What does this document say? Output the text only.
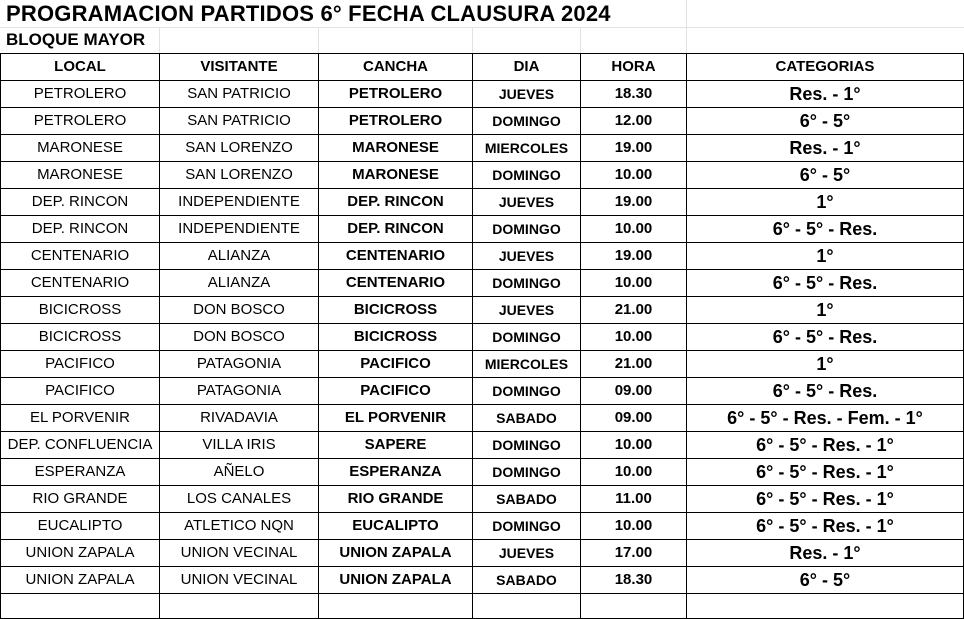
PROGRAMACION PARTIDOS 6° FECHA CLAUSURA 2024
BLOQUE MAYOR
LOCAL	VISITANTE	CANCHA	DIA	HORA	CATEGORIAS
PETROLERO	SAN PATRICIO	PETROLERO	JUEVES	18.30	Res. - 1°
PETROLERO	SAN PATRICIO	PETROLERO	DOMINGO	12.00	6° - 5°
MARONESE	SAN LORENZO	MARONESE	MIERCOLES	19.00	Res. - 1°
MARONESE	SAN LORENZO	MARONESE	DOMINGO	10.00	6° - 5°
DEP. RINCON	INDEPENDIENTE	DEP. RINCON	JUEVES	19.00	1°
DEP. RINCON	INDEPENDIENTE	DEP. RINCON	DOMINGO	10.00	6° - 5° - Res.
CENTENARIO	ALIANZA	CENTENARIO	JUEVES	19.00	1°
CENTENARIO	ALIANZA	CENTENARIO	DOMINGO	10.00	6° - 5° - Res.
BICICROSS	DON BOSCO	BICICROSS	JUEVES	21.00	1°
BICICROSS	DON BOSCO	BICICROSS	DOMINGO	10.00	6° - 5° - Res.
PACIFICO	PATAGONIA	PACIFICO	MIERCOLES	21.00	1°
PACIFICO	PATAGONIA	PACIFICO	DOMINGO	09.00	6° - 5° - Res.
EL PORVENIR	RIVADAVIA	EL PORVENIR	SABADO	09.00	6° - 5° - Res. - Fem. - 1°
DEP. CONFLUENCIA	VILLA IRIS	SAPERE	DOMINGO	10.00	6° - 5° - Res. - 1°
ESPERANZA	AÑELO	ESPERANZA	DOMINGO	10.00	6° - 5° - Res. - 1°
RIO GRANDE	LOS CANALES	RIO GRANDE	SABADO	11.00	6° - 5° - Res. - 1°
EUCALIPTO	ATLETICO NQN	EUCALIPTO	DOMINGO	10.00	6° - 5° - Res. - 1°
UNION ZAPALA	UNION VECINAL	UNION ZAPALA	JUEVES	17.00	Res. - 1°
UNION ZAPALA	UNION VECINAL	UNION ZAPALA	SABADO	18.30	6° - 5°
